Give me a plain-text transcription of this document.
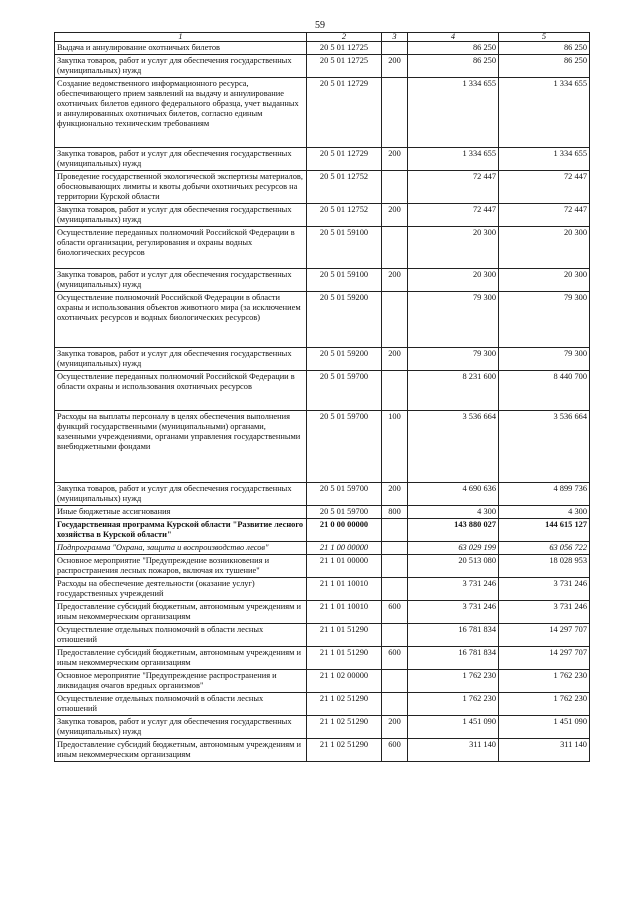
59
1	2	3	4	5
Выдача и аннулирование охотничьих билетов	20 5 01 12725		86 250	86 250
Закупка товаров, работ и услуг для обеспечения государственных (муниципальных) нужд	20 5 01 12725	200	86 250	86 250
Создание ведомственного информационного ресурса, обеспечивающего прием заявлений на выдачу и аннулирование охотничьих билетов единого федерального образца, учет выданных и аннулированных охотничьих билетов, согласно единым функционально техническим требованиям	20 5 01 12729		1 334 655	1 334 655
Закупка товаров, работ и услуг для обеспечения государственных (муниципальных) нужд	20 5 01 12729	200	1 334 655	1 334 655
Проведение государственной экологической экспертизы материалов, обосновывающих лимиты и квоты добычи охотничьих ресурсов на территории Курской области	20 5 01 12752		72 447	72 447
Закупка товаров, работ и услуг для обеспечения государственных (муниципальных) нужд	20 5 01 12752	200	72 447	72 447
Осуществление переданных полномочий Российской Федерации в области организации, регулирования и охраны водных биологических ресурсов	20 5 01 59100		20 300	20 300
Закупка товаров, работ и услуг для обеспечения государственных (муниципальных) нужд	20 5 01 59100	200	20 300	20 300
Осуществление полномочий Российской Федерации в области охраны и использования объектов животного мира (за исключением охотничьих ресурсов и водных биологических ресурсов)	20 5 01 59200		79 300	79 300
Закупка товаров, работ и услуг для обеспечения государственных (муниципальных) нужд	20 5 01 59200	200	79 300	79 300
Осуществление переданных полномочий Российской Федерации в области охраны и использования охотничьих ресурсов	20 5 01 59700		8 231 600	8 440 700
Расходы на выплаты персоналу в целях обеспечения выполнения функций государственными (муниципальными) органами, казенными учреждениями, органами управления государственными внебюджетными фондами	20 5 01 59700	100	3 536 664	3 536 664
Закупка товаров, работ и услуг для обеспечения государственных (муниципальных) нужд	20 5 01 59700	200	4 690 636	4 899 736
Иные бюджетные ассигнования	20 5 01 59700	800	4 300	4 300
Государственная программа Курской области "Развитие лесного хозяйства в Курской области"	21 0 00 00000		143 880 027	144 615 127
Подпрограмма "Охрана, защита и воспроизводство лесов"	21 1 00 00000		63 029 199	63 056 722
Основное мероприятие "Предупреждение возникновения и распространения лесных пожаров, включая их тушение"	21 1 01 00000		20 513 080	18 028 953
Расходы на обеспечение деятельности (оказание услуг) государственных учреждений	21 1 01 10010		3 731 246	3 731 246
Предоставление субсидий бюджетным, автономным учреждениям и иным некоммерческим организациям	21 1 01 10010	600	3 731 246	3 731 246
Осуществление отдельных полномочий в области лесных отношений	21 1 01 51290		16 781 834	14 297 707
Предоставление субсидий бюджетным, автономным учреждениям и иным некоммерческим организациям	21 1 01 51290	600	16 781 834	14 297 707
Основное мероприятие "Предупреждение распространения и ликвидация очагов вредных организмов"	21 1 02 00000		1 762 230	1 762 230
Осуществление отдельных полномочий в области лесных отношений	21 1 02 51290		1 762 230	1 762 230
Закупка товаров, работ и услуг для обеспечения государственных (муниципальных) нужд	21 1 02 51290	200	1 451 090	1 451 090
Предоставление субсидий бюджетным, автономным учреждениям и иным некоммерческим организациям	21 1 02 51290	600	311 140	311 140
